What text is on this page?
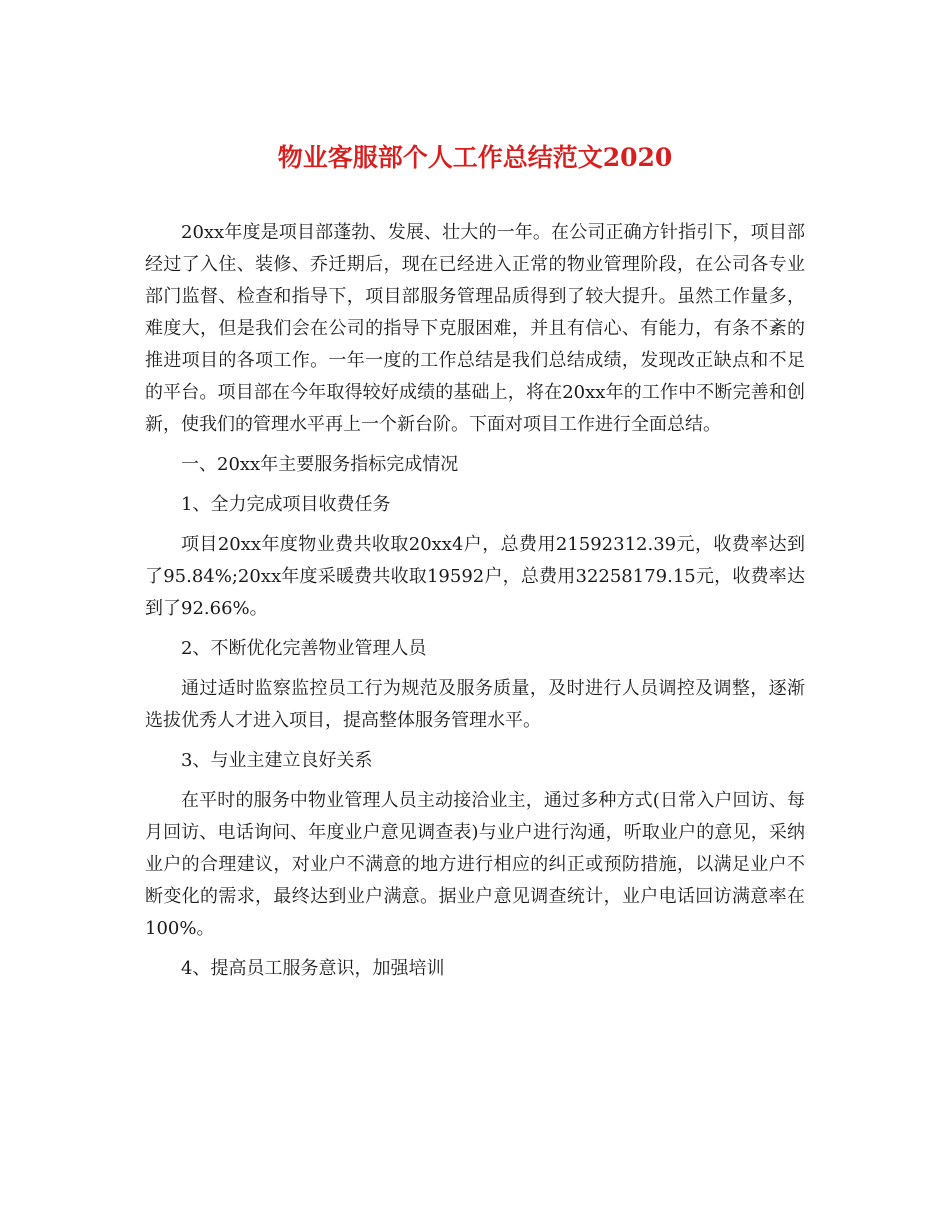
物业客服部个人工作总结范文2020

20xx年度是项目部蓬勃、发展、壮大的一年。在公司正确方针指引下，项目部经过了入住、装修、乔迁期后，现在已经进入正常的物业管理阶段，在公司各专业部门监督、检查和指导下，项目部服务管理品质得到了较大提升。虽然工作量多，难度大，但是我们会在公司的指导下克服困难，并且有信心、有能力，有条不紊的推进项目的各项工作。一年一度的工作总结是我们总结成绩，发现改正缺点和不足的平台。项目部在今年取得较好成绩的基础上，将在20xx年的工作中不断完善和创新，使我们的管理水平再上一个新台阶。下面对项目工作进行全面总结。

一、20xx年主要服务指标完成情况

1、全力完成项目收费任务

项目20xx年度物业费共收取20xx4户，总费用21592312.39元，收费率达到了95.84%;20xx年度采暖费共收取19592户，总费用32258179.15元，收费率达到了92.66%。

2、不断优化完善物业管理人员

通过适时监察监控员工行为规范及服务质量，及时进行人员调控及调整，逐渐选拔优秀人才进入项目，提高整体服务管理水平。

3、与业主建立良好关系

在平时的服务中物业管理人员主动接洽业主，通过多种方式(日常入户回访、每月回访、电话询问、年度业户意见调查表)与业户进行沟通，听取业户的意见，采纳业户的合理建议，对业户不满意的地方进行相应的纠正或预防措施，以满足业户不断变化的需求，最终达到业户满意。据业户意见调查统计，业户电话回访满意率在100%。

4、提高员工服务意识，加强培训
